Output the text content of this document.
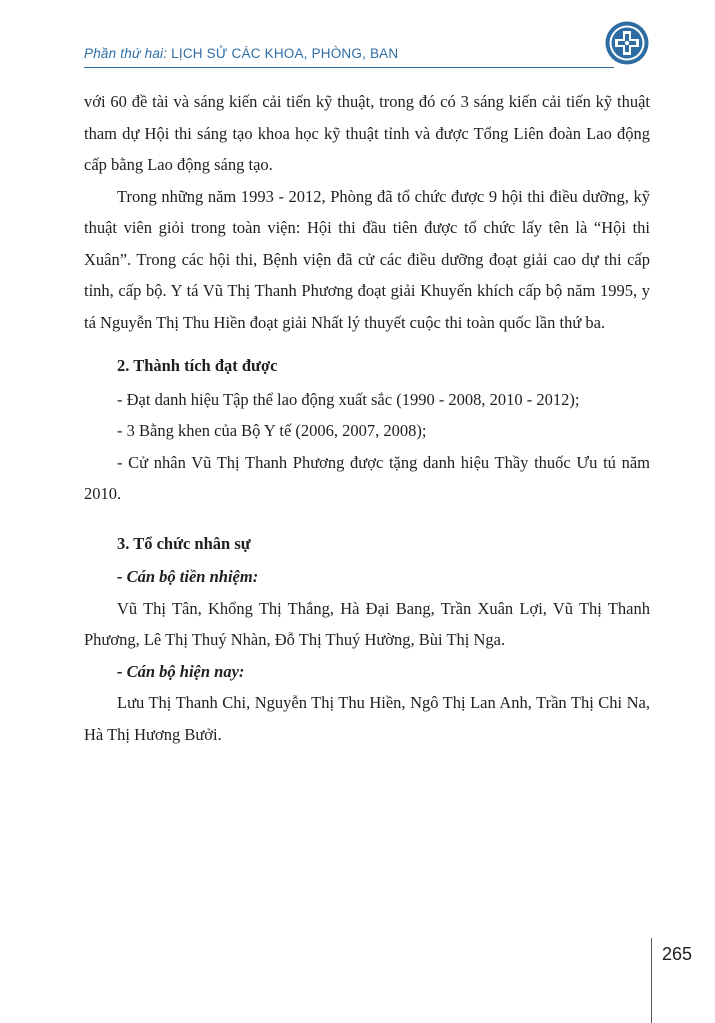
Phần thứ hai: LỊCH SỬ CÁC KHOA, PHÒNG, BAN

với 60 đề tài và sáng kiến cải tiến kỹ thuật, trong đó có 3 sáng kiến cải tiến kỹ thuật tham dự Hội thi sáng tạo khoa học kỹ thuật tỉnh và được Tổng Liên đoàn Lao động cấp bằng Lao động sáng tạo.

Trong những năm 1993 - 2012, Phòng đã tổ chức được 9 hội thi điều dưỡng, kỹ thuật viên giỏi trong toàn viện: Hội thi đầu tiên được tổ chức lấy tên là “Hội thi Xuân”. Trong các hội thi, Bệnh viện đã cử các điều dưỡng đoạt giải cao dự thi cấp tỉnh, cấp bộ. Y tá Vũ Thị Thanh Phương đoạt giải Khuyến khích cấp bộ năm 1995, y tá Nguyễn Thị Thu Hiền đoạt giải Nhất lý thuyết cuộc thi toàn quốc lần thứ ba.

2. Thành tích đạt được

- Đạt danh hiệu Tập thể lao động xuất sắc (1990 - 2008, 2010 - 2012);

- 3 Bằng khen của Bộ Y tế (2006, 2007, 2008);

- Cử nhân Vũ Thị Thanh Phương được tặng danh hiệu Thầy thuốc Ưu tú năm 2010.

3. Tổ chức nhân sự

- Cán bộ tiền nhiệm:

Vũ Thị Tân, Khổng Thị Thắng, Hà Đại Bang, Trần Xuân Lợi, Vũ Thị Thanh Phương, Lê Thị Thuý Nhàn, Đỗ Thị Thuý Hường, Bùi Thị Nga.

- Cán bộ hiện nay:

Lưu Thị Thanh Chi, Nguyễn Thị Thu Hiền, Ngô Thị Lan Anh, Trần Thị Chi Na, Hà Thị Hương Bưởi.

265
